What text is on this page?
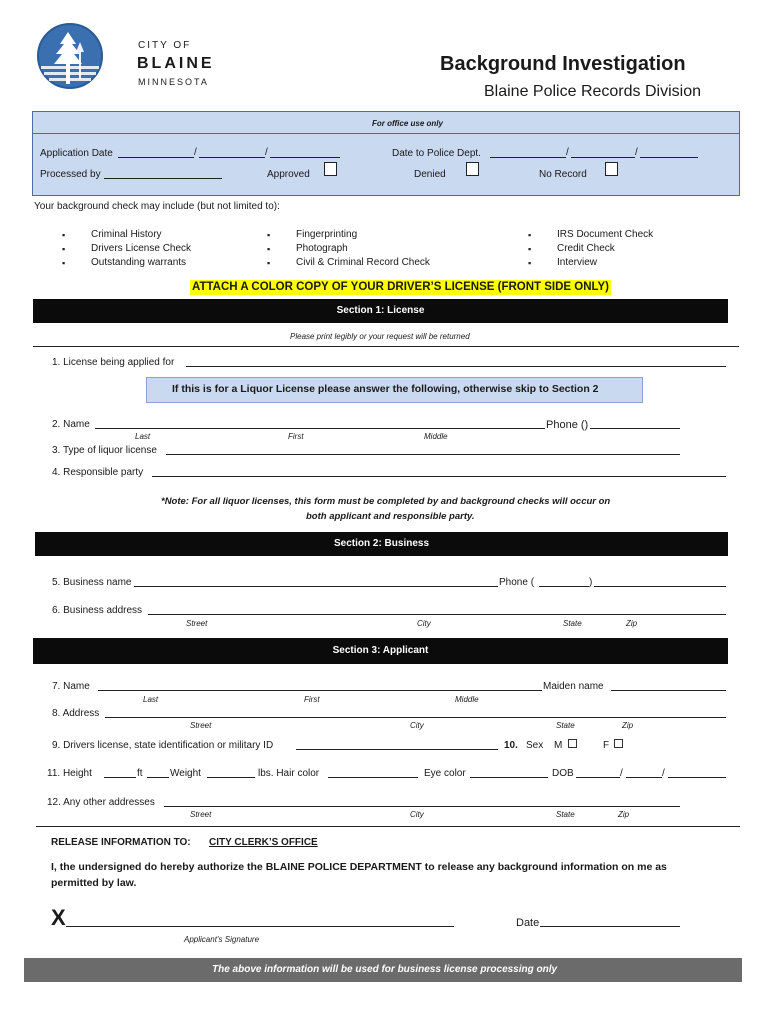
CITY OF
BLAINE
MINNESOTA
Background Investigation
Blaine Police Records Division
For office use only
Application Date	/	/	Date to Police Dept.	/	/
Processed by	Approved	Denied	No Record
Your background check may include (but not limited to):
▪	Criminal History
▪	Drivers License Check
▪	Outstanding warrants
▪	Fingerprinting
▪	Photograph
▪	Civil & Criminal Record Check
▪	IRS Document Check
▪	Credit Check
▪	Interview
ATTACH A COLOR COPY OF YOUR DRIVER’S LICENSE (FRONT SIDE ONLY)
Section 1: License
Please print legibly or your request will be returned
1. License being applied for
If this is for a Liquor License please answer the following, otherwise skip to Section 2
2. Name	Phone ()
Last	First	Middle
3. Type of liquor license
4. Responsible party
*Note: For all liquor licenses, this form must be completed by and background checks will occur on
both applicant and responsible party.
Section 2: Business
5. Business name	Phone (	)
6. Business address
Street	City	State	Zip
Section 3: Applicant
7. Name	Maiden name
Last	First	Middle
8. Address
Street	City	State	Zip
9. Drivers license, state identification or military ID	10. Sex M	F
11. Height	ft	Weight	lbs. Hair color	Eye color	DOB	/	/
12. Any other addresses
Street	City	State	Zip
RELEASE INFORMATION TO: CITY CLERK’S OFFICE
I, the undersigned do hereby authorize the BLAINE POLICE DEPARTMENT to release any background information on me as
permitted by law.
X
Applicant’s Signature
Date
The above information will be used for business license processing only
